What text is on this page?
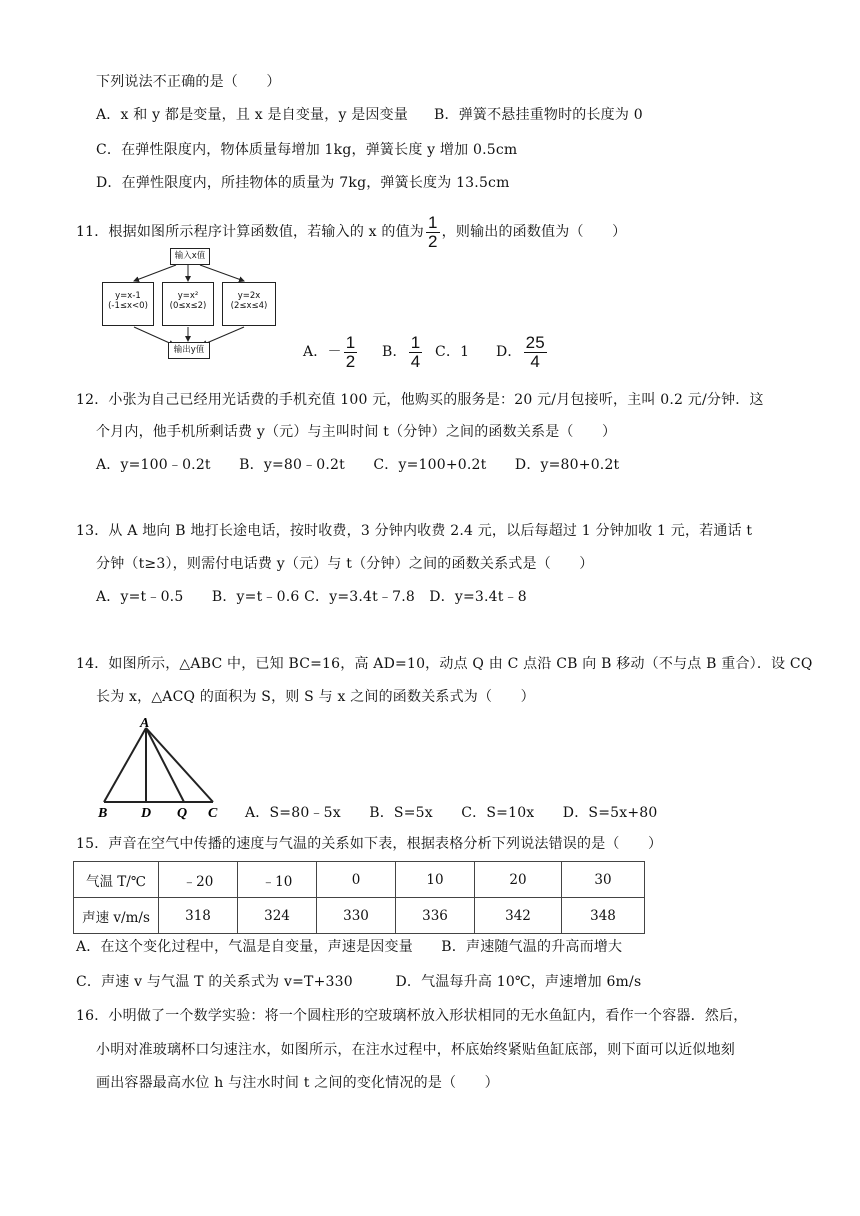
下列说法不正确的是（　　）
A．x 和 y 都是变量，且 x 是自变量，y 是因变量 B．弹簧不悬挂重物时的长度为 0
C．在弹性限度内，物体质量每增加 1kg，弹簧长度 y 增加 0.5cm
D．在弹性限度内，所挂物体的质量为 7kg，弹簧长度为 13.5cm
11．根据如图所示程序计算函数值，若输入的 x 的值为 $\frac{1}{2}$ ，则输出的函数值为（　　）
输入x值
y=x-1
(-1≤x<0)
y=x²
(0≤x≤2)
y=2x
(2≤x≤4)
输出y值	A．－ $\frac{1}{2}$ B． $\frac{1}{4}$ C．1 D． $\frac{25}{4}$
12．小张为自己已经用光话费的手机充值 100 元，他购买的服务是：20 元/月包接听，主叫 0.2 元/分钟．这
个月内，他手机所剩话费 y（元）与主叫时间 t（分钟）之间的函数关系是（　　）
A．y=100﹣0.2t　　B．y=80﹣0.2t　　C．y=100+0.2t　　D．y=80+0.2t
13．从 A 地向 B 地打长途电话，按时收费，3 分钟内收费 2.4 元，以后每超过 1 分钟加收 1 元，若通话 t
分钟（t≥3），则需付电话费 y（元）与 t（分钟）之间的函数关系式是（　　）
A．y=t﹣0.5　　B．y=t﹣0.6 C．y=3.4t﹣7.8　D．y=3.4t﹣8
14．如图所示，△ABC 中，已知 BC=16，高 AD=10，动点 Q 由 C 点沿 CB 向 B 移动（不与点 B 重合）．设 CQ
长为 x，△ACQ 的面积为 S，则 S 与 x 之间的函数关系式为（　　）
A
B D Q C A．S=80﹣5x　　B．S=5x　　C．S=10x　　D．S=5x+80
15．声音在空气中传播的速度与气温的关系如下表，根据表格分析下列说法错误的是（　　）
气温 T/℃	﹣20	﹣10	0	10	20	30
声速 v/m/s	318	324	330	336	342	348
A．在这个变化过程中，气温是自变量，声速是因变量　　B．声速随气温的升高而增大
C．声速 v 与气温 T 的关系式为 v=T+330　　　D．气温每升高 10℃，声速增加 6m/s
16．小明做了一个数学实验：将一个圆柱形的空玻璃杯放入形状相同的无水鱼缸内，看作一个容器．然后，
小明对准玻璃杯口匀速注水，如图所示，在注水过程中，杯底始终紧贴鱼缸底部，则下面可以近似地刻
画出容器最高水位 h 与注水时间 t 之间的变化情况的是（　　）
